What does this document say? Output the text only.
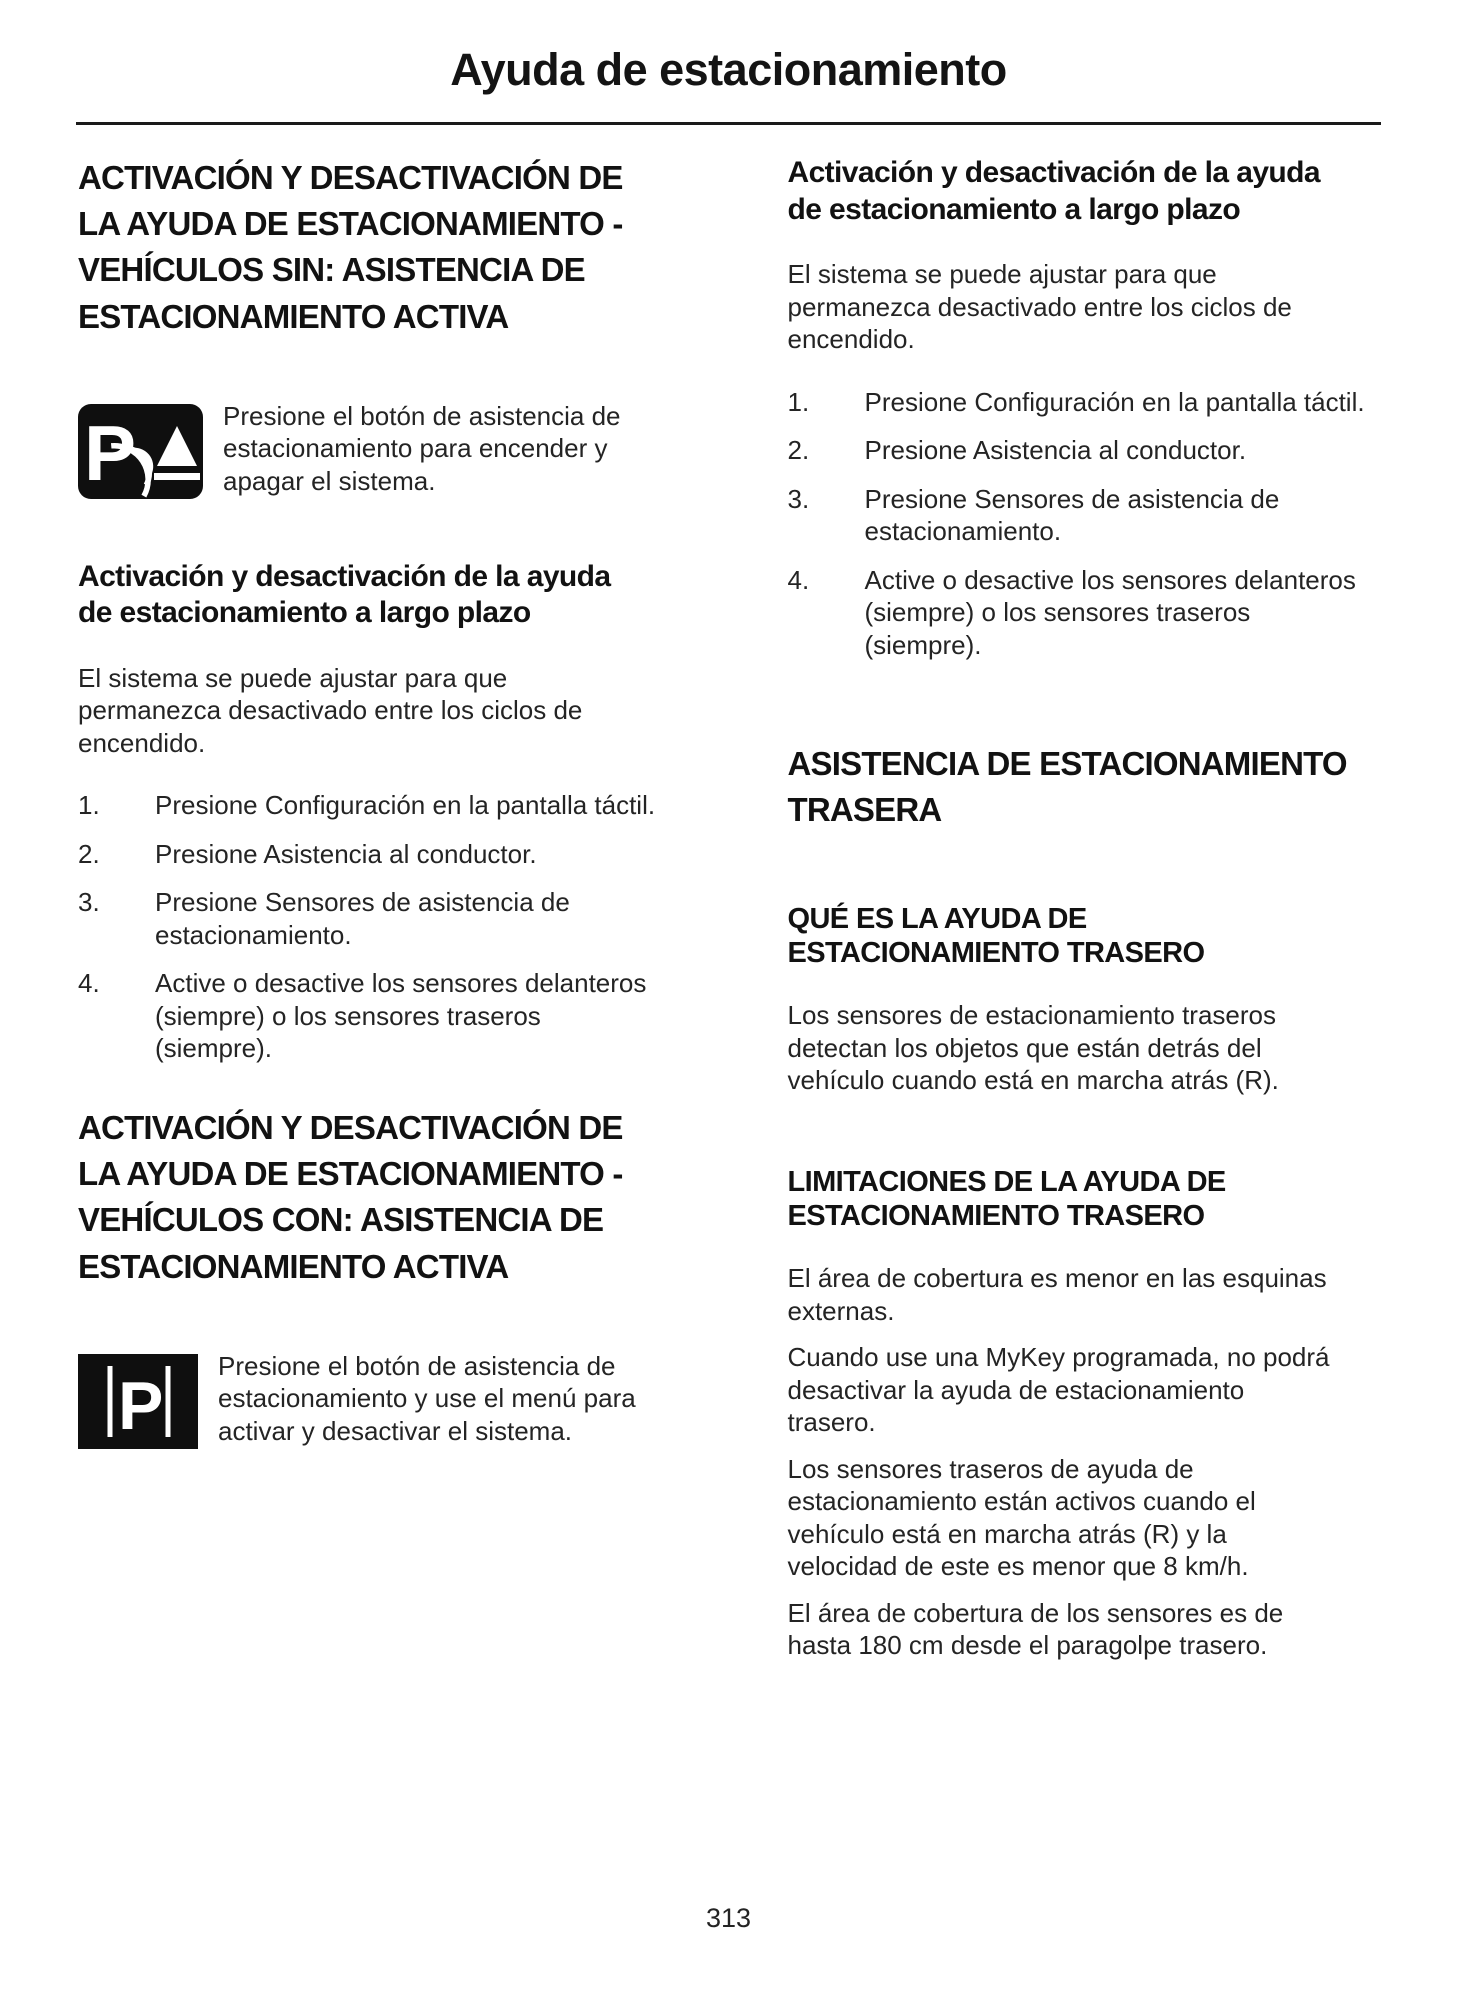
Ayuda de estacionamiento
ACTIVACIÓN Y DESACTIVACIÓN DE LA AYUDA DE ESTACIONAMIENTO - VEHÍCULOS SIN: ASISTENCIA DE ESTACIONAMIENTO ACTIVA
P	Presione el botón de asistencia de estacionamiento para encender y apagar el sistema.
Activación y desactivación de la ayuda de estacionamiento a largo plazo

El sistema se puede ajustar para que permanezca desactivado entre los ciclos de encendido.

1.	Presione Configuración en la pantalla táctil.
2.	Presione Asistencia al conductor.
3.	Presione Sensores de asistencia de estacionamiento.
4.	Active o desactive los sensores delanteros (siempre) o los sensores traseros (siempre).
ACTIVACIÓN Y DESACTIVACIÓN DE LA AYUDA DE ESTACIONAMIENTO - VEHÍCULOS CON: ASISTENCIA DE ESTACIONAMIENTO ACTIVA
P
Presione el botón de asistencia de estacionamiento y use el menú para activar y desactivar el sistema.
Activación y desactivación de la ayuda de estacionamiento a largo plazo

El sistema se puede ajustar para que permanezca desactivado entre los ciclos de encendido.

1.	Presione Configuración en la pantalla táctil.
2.	Presione Asistencia al conductor.
3.	Presione Sensores de asistencia de estacionamiento.
4.	Active o desactive los sensores delanteros (siempre) o los sensores traseros (siempre).
ASISTENCIA DE ESTACIONAMIENTO TRASERA
QUÉ ES LA AYUDA DE ESTACIONAMIENTO TRASERO

Los sensores de estacionamiento traseros detectan los objetos que están detrás del vehículo cuando está en marcha atrás (R).

LIMITACIONES DE LA AYUDA DE ESTACIONAMIENTO TRASERO

El área de cobertura es menor en las esquinas externas.

Cuando use una MyKey programada, no podrá desactivar la ayuda de estacionamiento trasero.

Los sensores traseros de ayuda de estacionamiento están activos cuando el vehículo está en marcha atrás (R) y la velocidad de este es menor que 8 km/h.

El área de cobertura de los sensores es de hasta 180 cm desde el paragolpe trasero.

313
